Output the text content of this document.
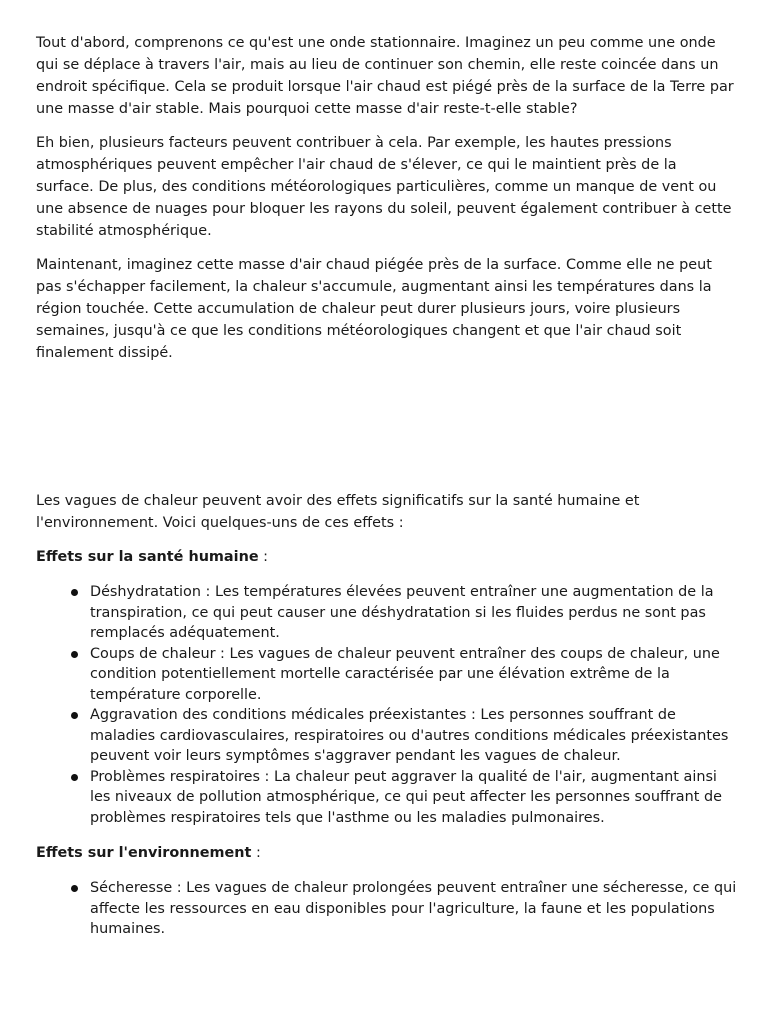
Tout d'abord, comprenons ce qu'est une onde stationnaire. Imaginez un peu comme une onde qui se déplace à travers l'air, mais au lieu de continuer son chemin, elle reste coincée dans un endroit spécifique. Cela se produit lorsque l'air chaud est piégé près de la surface de la Terre par une masse d'air stable. Mais pourquoi cette masse d'air reste-t-elle stable?

Eh bien, plusieurs facteurs peuvent contribuer à cela. Par exemple, les hautes pressions atmosphériques peuvent empêcher l'air chaud de s'élever, ce qui le maintient près de la surface. De plus, des conditions météorologiques particulières, comme un manque de vent ou une absence de nuages pour bloquer les rayons du soleil, peuvent également contribuer à cette stabilité atmosphérique.

Maintenant, imaginez cette masse d'air chaud piégée près de la surface. Comme elle ne peut pas s'échapper facilement, la chaleur s'accumule, augmentant ainsi les températures dans la région touchée. Cette accumulation de chaleur peut durer plusieurs jours, voire plusieurs semaines, jusqu'à ce que les conditions météorologiques changent et que l'air chaud soit finalement dissipé.

Les vagues de chaleur peuvent avoir des effets significatifs sur la santé humaine et l'environnement. Voici quelques-uns de ces effets :

Effets sur la santé humaine :

Déshydratation : Les températures élevées peuvent entraîner une augmentation de la transpiration, ce qui peut causer une déshydratation si les fluides perdus ne sont pas remplacés adéquatement.
Coups de chaleur : Les vagues de chaleur peuvent entraîner des coups de chaleur, une condition potentiellement mortelle caractérisée par une élévation extrême de la température corporelle.
Aggravation des conditions médicales préexistantes : Les personnes souffrant de maladies cardiovasculaires, respiratoires ou d'autres conditions médicales préexistantes peuvent voir leurs symptômes s'aggraver pendant les vagues de chaleur.
Problèmes respiratoires : La chaleur peut aggraver la qualité de l'air, augmentant ainsi les niveaux de pollution atmosphérique, ce qui peut affecter les personnes souffrant de problèmes respiratoires tels que l'asthme ou les maladies pulmonaires.

Effets sur l'environnement :

Sécheresse : Les vagues de chaleur prolongées peuvent entraîner une sécheresse, ce qui affecte les ressources en eau disponibles pour l'agriculture, la faune et les populations humaines.
